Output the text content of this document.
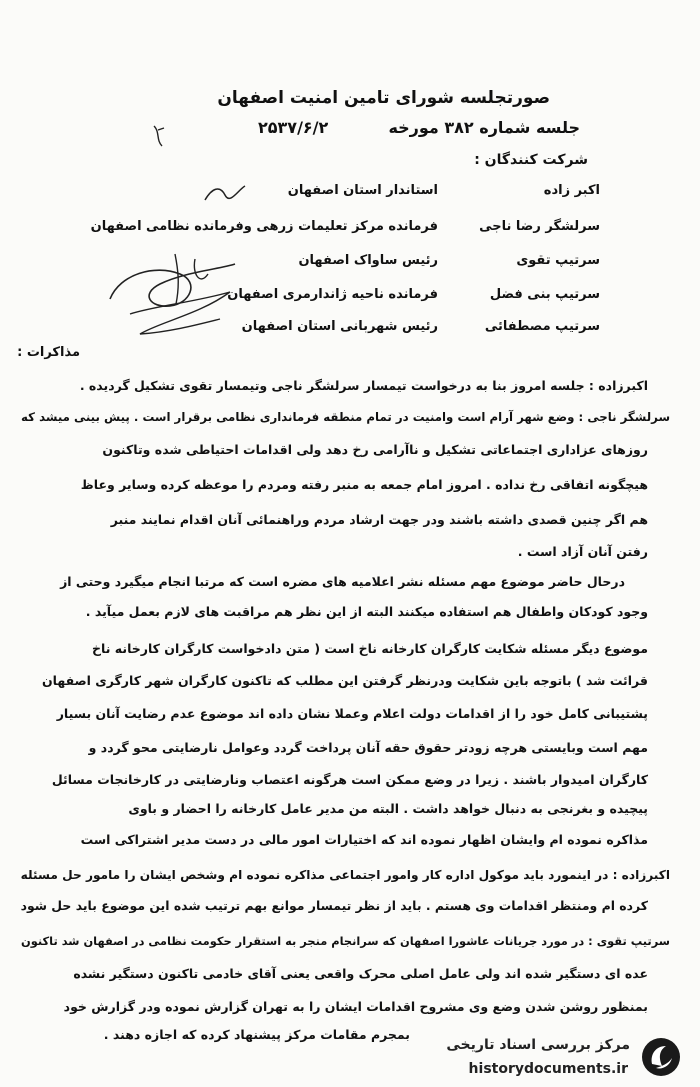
صورتجلسه شورای تامین امنیت اصفهان
جلسه شماره ۳۸۲ مورخه
۲۵۳۷/۶/۲
شرکت کنندگان :
اکبر زاده
استاندار استان اصفهان
سرلشگر رضا ناجی
فرمانده مرکز تعلیمات زرهی وفرمانده نظامی اصفهان
سرتیپ تقوی
رئیس ساواک اصفهان
سرتیپ بنی فضل
فرمانده ناحیه ژاندارمری اصفهان
سرتیپ مصطفائی
رئیس شهربانی استان اصفهان
مذاکرات :
اکبرزاده : جلسه امروز بنا به درخواست تیمسار سرلشگر ناجی وتیمسار تقوی تشکیل گردیده .
سرلشگر ناجی : وضع شهر آرام است وامنیت در تمام منطقه فرمانداری نظامی برقرار است . پیش بینی میشد که
روزهای عزاداری اجتماعاتی تشکیل و ناآرامی رخ دهد ولی اقدامات احتیاطی شده وتاکنون
هیچگونه اتفاقی رخ نداده . امروز امام جمعه به منبر رفته ومردم را موعظه کرده وسایر وعاظ
هم اگر چنین قصدی داشته باشند ودر جهت ارشاد مردم وراهنمائی آنان اقدام نمایند منبر
رفتن آنان آزاد است .
درحال حاضر موضوع مهم مسئله نشر اعلامیه های مضره است که مرتبا انجام میگیرد وحتی از
وجود کودکان واطفال هم استفاده میکنند البته از این نظر هم مراقبت های لازم بعمل میآید .
موضوع دیگر مسئله شکایت کارگران کارخانه ناخ است ( متن دادخواست کارگران کارخانه ناخ
قرائت شد ) باتوجه باین شکایت ودرنظر گرفتن این مطلب که تاکنون کارگران شهر کارگری اصفهان
پشتیبانی کامل خود را از اقدامات دولت اعلام وعملا نشان داده اند موضوع عدم رضایت آنان بسیار
مهم است وبایستی هرچه زودتر حقوق حقه آنان پرداخت گردد وعوامل نارضایتی محو گردد و
کارگران امیدوار باشند . زیرا در وضع ممکن است هرگونه اعتصاب ونارضایتی در کارخانجات مسائل
پیچیده و بغرنجی به دنبال خواهد داشت . البته من مدیر عامل کارخانه را احضار و باوی
مذاکره نموده ام وایشان اظهار نموده اند که اختیارات امور مالی در دست مدیر اشتراکی است
اکبرزاده : در اینمورد باید موکول اداره کار وامور اجتماعی مذاکره نموده ام وشخص ایشان را مامور حل مسئله
کرده ام ومنتظر اقدامات وی هستم . باید از نظر تیمسار موانع بهم ترتیب شده این موضوع باید حل شود
سرتیپ تقوی : در مورد جریانات عاشورا اصفهان که سرانجام منجر به استقرار حکومت نظامی در اصفهان شد تاکنون
عده ای دستگیر شده اند ولی عامل اصلی محرک واقعی یعنی آقای خادمی تاکنون دستگیر نشده
بمنظور روشن شدن وضع وی مشروح اقدامات ایشان را به تهران گزارش نموده ودر گزارش خود
بمجرم مقامات مرکز پیشنهاد کرده که اجازه دهند .
مرکز بررسی اسناد تاریخی
historydocuments.ir
